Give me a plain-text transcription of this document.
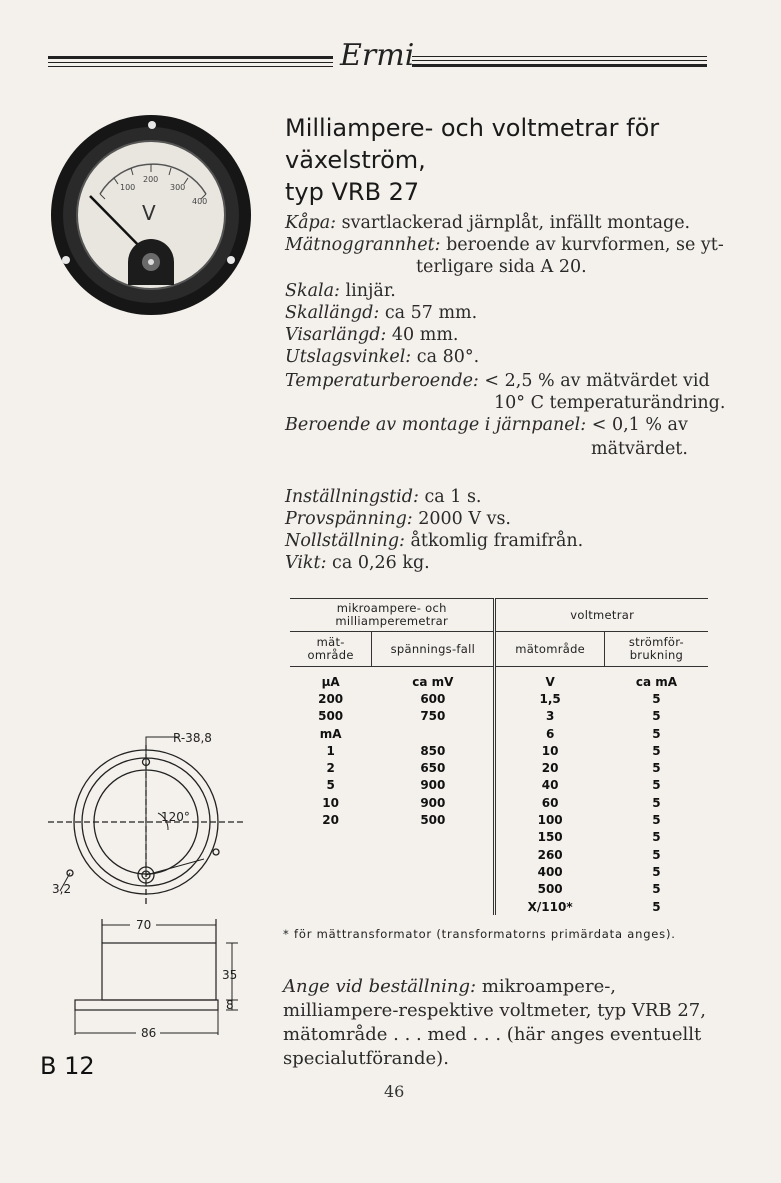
Ermi
100
200
300
400
V
Milliampere- och voltmetrar för växelström,
typ VRB 27
Kåpa: svartlackerad järnplåt, infällt montage.
Mätnoggrannhet: beroende av kurvformen, se yt-
terligare sida A 20.
Skala: linjär.
Skallängd: ca 57 mm.
Visarlängd: 40 mm.
Utslagsvinkel: ca 80°.
Temperaturberoende: < 2,5 % av mätvärdet vid
10° C temperaturändring.
Beroende av montage i järnpanel: < 0,1 % av
mätvärdet.
Inställningstid: ca 1 s.
Provspänning: 2000 V vs.
Nollställning: åtkomlig framifrån.
Vikt: ca 0,26 kg.
mikroampere- och milliamperemetrar		voltmetrar	
mät-område	spännings-fall	mätområde	strömför-brukning
µA	ca mV	V	ca mA
200	600	1,5	5
500	750	3	5
mA		6	5
1	850	10	5
2	650	20	5
5	900	40	5
10	900	60	5
20	500	100	5
		150	5
		260	5
		400	5
		500	5
		X/110*	5
* för mättransformator (transformatorns primärdata anges).
R-38,8
120°
3,2
70
35
8
86
Ange vid beställning: mikroampere-, milliampere-respektive voltmeter, typ VRB 27, mätområde . . . med . . . (här anges eventuellt specialutförande).
B 12
46
